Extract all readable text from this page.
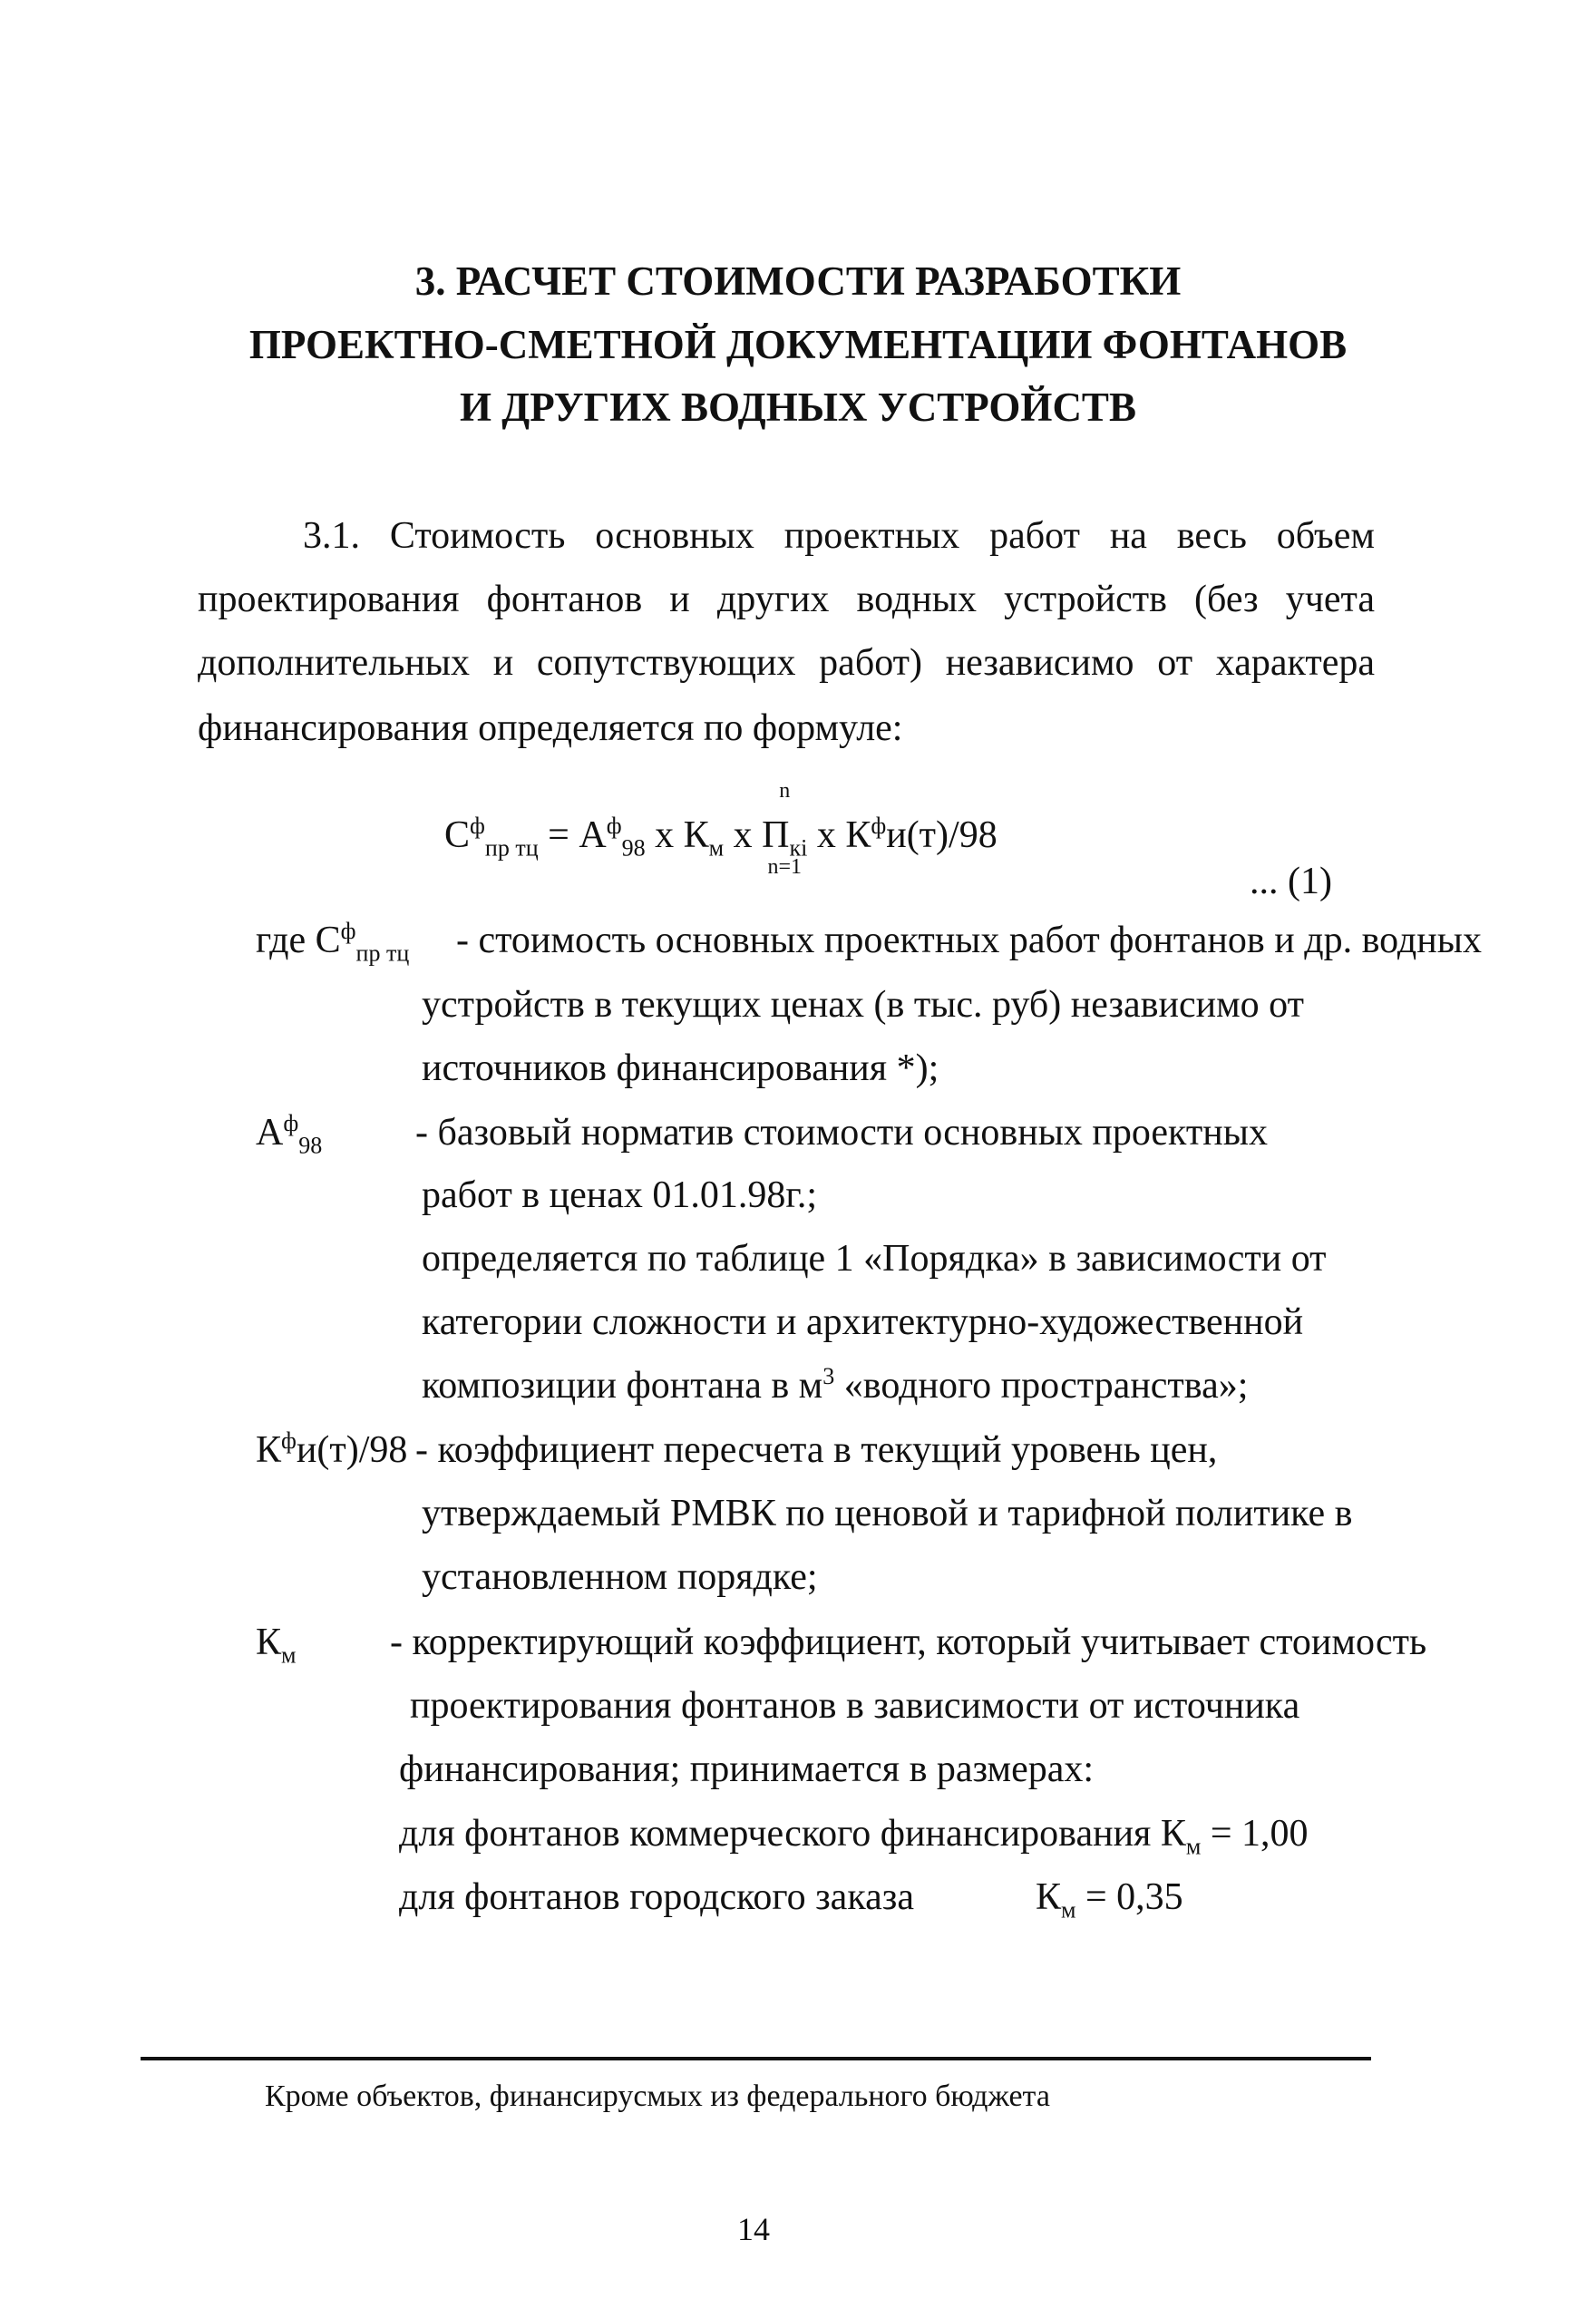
3. РАСЧЕТ СТОИМОСТИ РАЗРАБОТКИ
ПРОЕКТНО-СМЕТНОЙ ДОКУМЕНТАЦИИ ФОНТАНОВ
И ДРУГИХ ВОДНЫХ УСТРОЙСТВ
3.1. Стоимость основных проектных работ на весь объем
проектирования фонтанов и других водных устройств (без учета
дополнительных и сопутствующих работ) независимо от характера
финансирования определяется по формуле:
$С^ф_{пр тц} = А^ф_{98}$ х $К_м$ х
n
$П_{кi}$
n=1
х $К^фи(т)/98$
... (1)
где $С^ф_{пр тц}$ - стоимость основных проектных работ фонтанов и др. водных
устройств в текущих ценах (в тыс. руб) независимо от
источников финансирования *);
$А^ф_{98}$ - базовый норматив стоимости основных проектных
работ в ценах 01.01.98г.;
определяется по таблице 1 «Порядка» в зависимости от
категории сложности и архитектурно-художественной
композиции фонтана в $м^3$ «водного пространства»;
$К^фи(т)/98$ - коэффициент пересчета в текущий уровень цен,
утверждаемый РМВК по ценовой и тарифной политике в
установленном порядке;
$К_м$ - корректирующий коэффициент, который учитывает стоимость
проектирования фонтанов в зависимости от источника
финансирования; принимается в размерах:
для фонтанов коммерческого финансирования $К_м = 1,00$
для фонтанов городского заказа	$К_м = 0,35$
Кроме объектов, финансирусмых из федерального бюджета
14
